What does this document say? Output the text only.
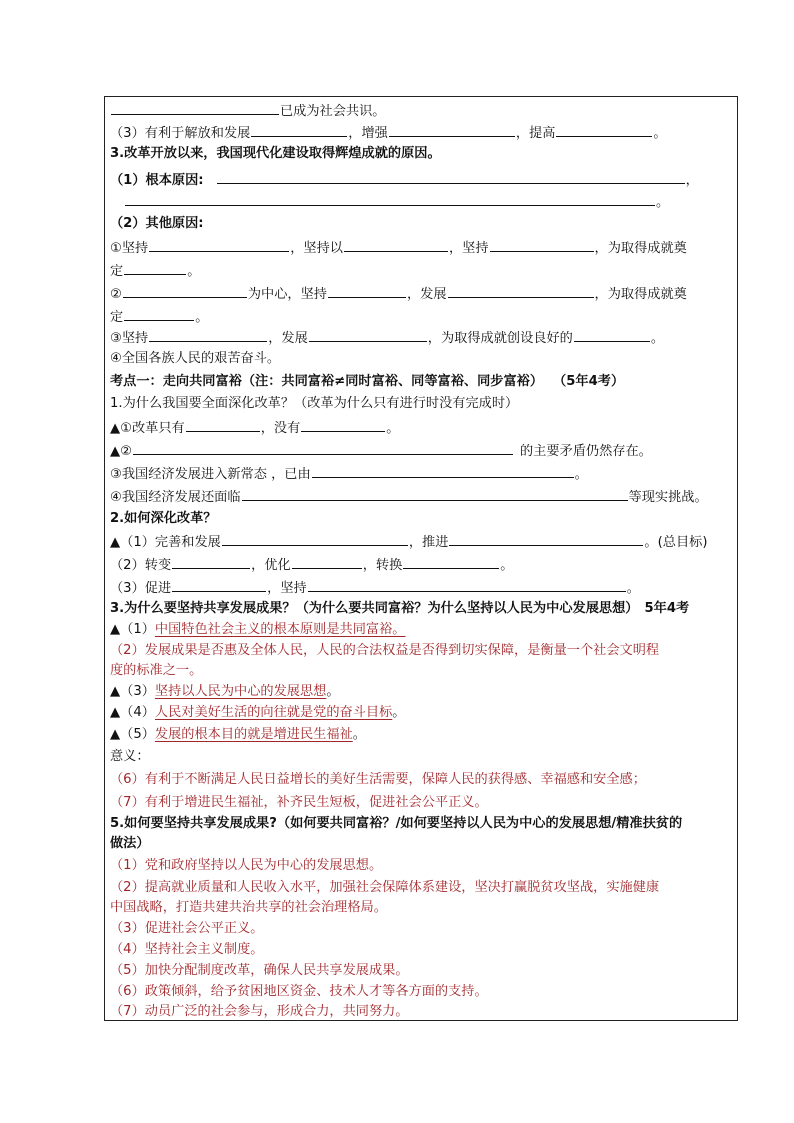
已成为社会共识。
（3）有利于解放和发展	，增强	，提高	。
3.改革开放以来，我国现代化建设取得辉煌成就的原因。
（1）根本原因:	，
。
（2）其他原因:
①坚持	，坚持以	，坚持	，为取得成就奠
定	。
②	为中心，坚持	，发展	，为取得成就奠
定	。
③坚持	，发展	，为取得成就创设良好的	。
④全国各族人民的艰苦奋斗。
考点一：走向共同富裕（注：共同富裕≠同时富裕、同等富裕、同步富裕） （5年4考）
1.为什么我国要全面深化改革？（改革为什么只有进行时没有完成时）
▲①改革只有	，没有	。
▲②	的主要矛盾仍然存在。
③我国经济发展进入新常态 ，已由	。
④我国经济发展还面临	等现实挑战。
2.如何深化改革？
▲（1）完善和发展	，推进	。(总目标)
（2）转变	，优化	，转换	。
（3）促进	，坚持	。
3.为什么要坚持共享发展成果？（为什么要共同富裕？为什么坚持以人民为中心发展思想） 5年4考
▲（1）中国特色社会主义的根本原则是共同富裕。
（2）发展成果是否惠及全体人民，人民的合法权益是否得到切实保障，是衡量一个社会文明程
度的标准之一。
▲（3）坚持以人民为中心的发展思想。
▲（4）人民对美好生活的向往就是党的奋斗目标。
▲（5）发展的根本目的就是增进民生福祉。
意义：
（6）有利于不断满足人民日益增长的美好生活需要，保障人民的获得感、幸福感和安全感；
（7）有利于增进民生福祉，补齐民生短板，促进社会公平正义。
5.如何要坚持共享发展成果?（如何要共同富裕？/如何要坚持以人民为中心的发展思想/精准扶贫的
做法）
（1）党和政府坚持以人民为中心的发展思想。
（2）提高就业质量和人民收入水平，加强社会保障体系建设，坚决打赢脱贫攻坚战，实施健康
中国战略，打造共建共治共享的社会治理格局。
（3）促进社会公平正义。
（4）坚持社会主义制度。
（5）加快分配制度改革，确保人民共享发展成果。
（6）政策倾斜，给予贫困地区资金、技术人才等各方面的支持。
（7）动员广泛的社会参与，形成合力，共同努力。
